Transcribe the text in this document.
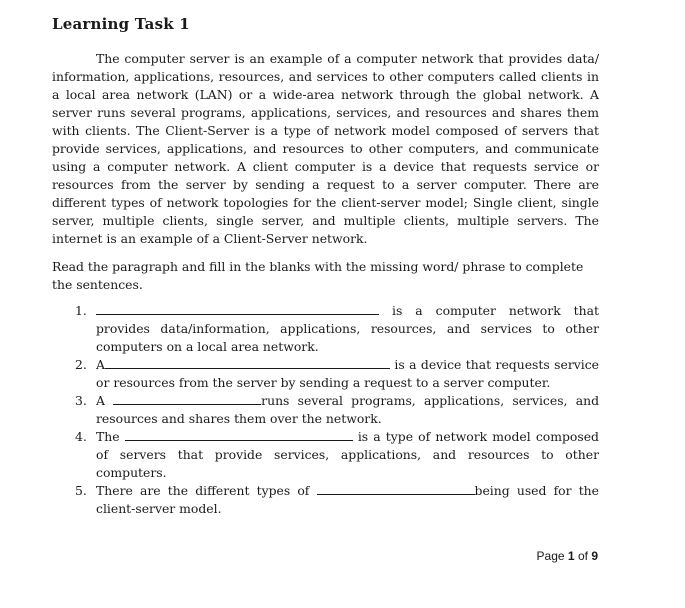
Learning Task 1

The computer server is an example of a computer network that provides data/ information, applications, resources, and services to other computers called clients in a local area network (LAN) or a wide-area network through the global network. A server runs several programs, applications, services, and resources and shares them with clients. The Client-Server is a type of network model composed of servers that provide services, applications, and resources to other computers, and communicate using a computer network. A client computer is a device that requests service or resources from the server by sending a request to a server computer. There are different types of network topologies for the client-server model; Single client, single server, multiple clients, single server, and multiple clients, multiple servers. The internet is an example of a Client-Server network.

Read the paragraph and fill in the blanks with the missing word/ phrase to complete the sentences.

1.	is a computer network that provides data/information, applications, resources, and services to other computers on a local area network.
2. A	is a device that requests service or resources from the server by sending a request to a server computer.
3. A	runs several programs, applications, services, and resources and shares them over the network.
4. The	is a type of network model composed of servers that provide services, applications, and resources to other computers.
5. There are the different types of	being used for the client-server model.
Page 1 of 9
